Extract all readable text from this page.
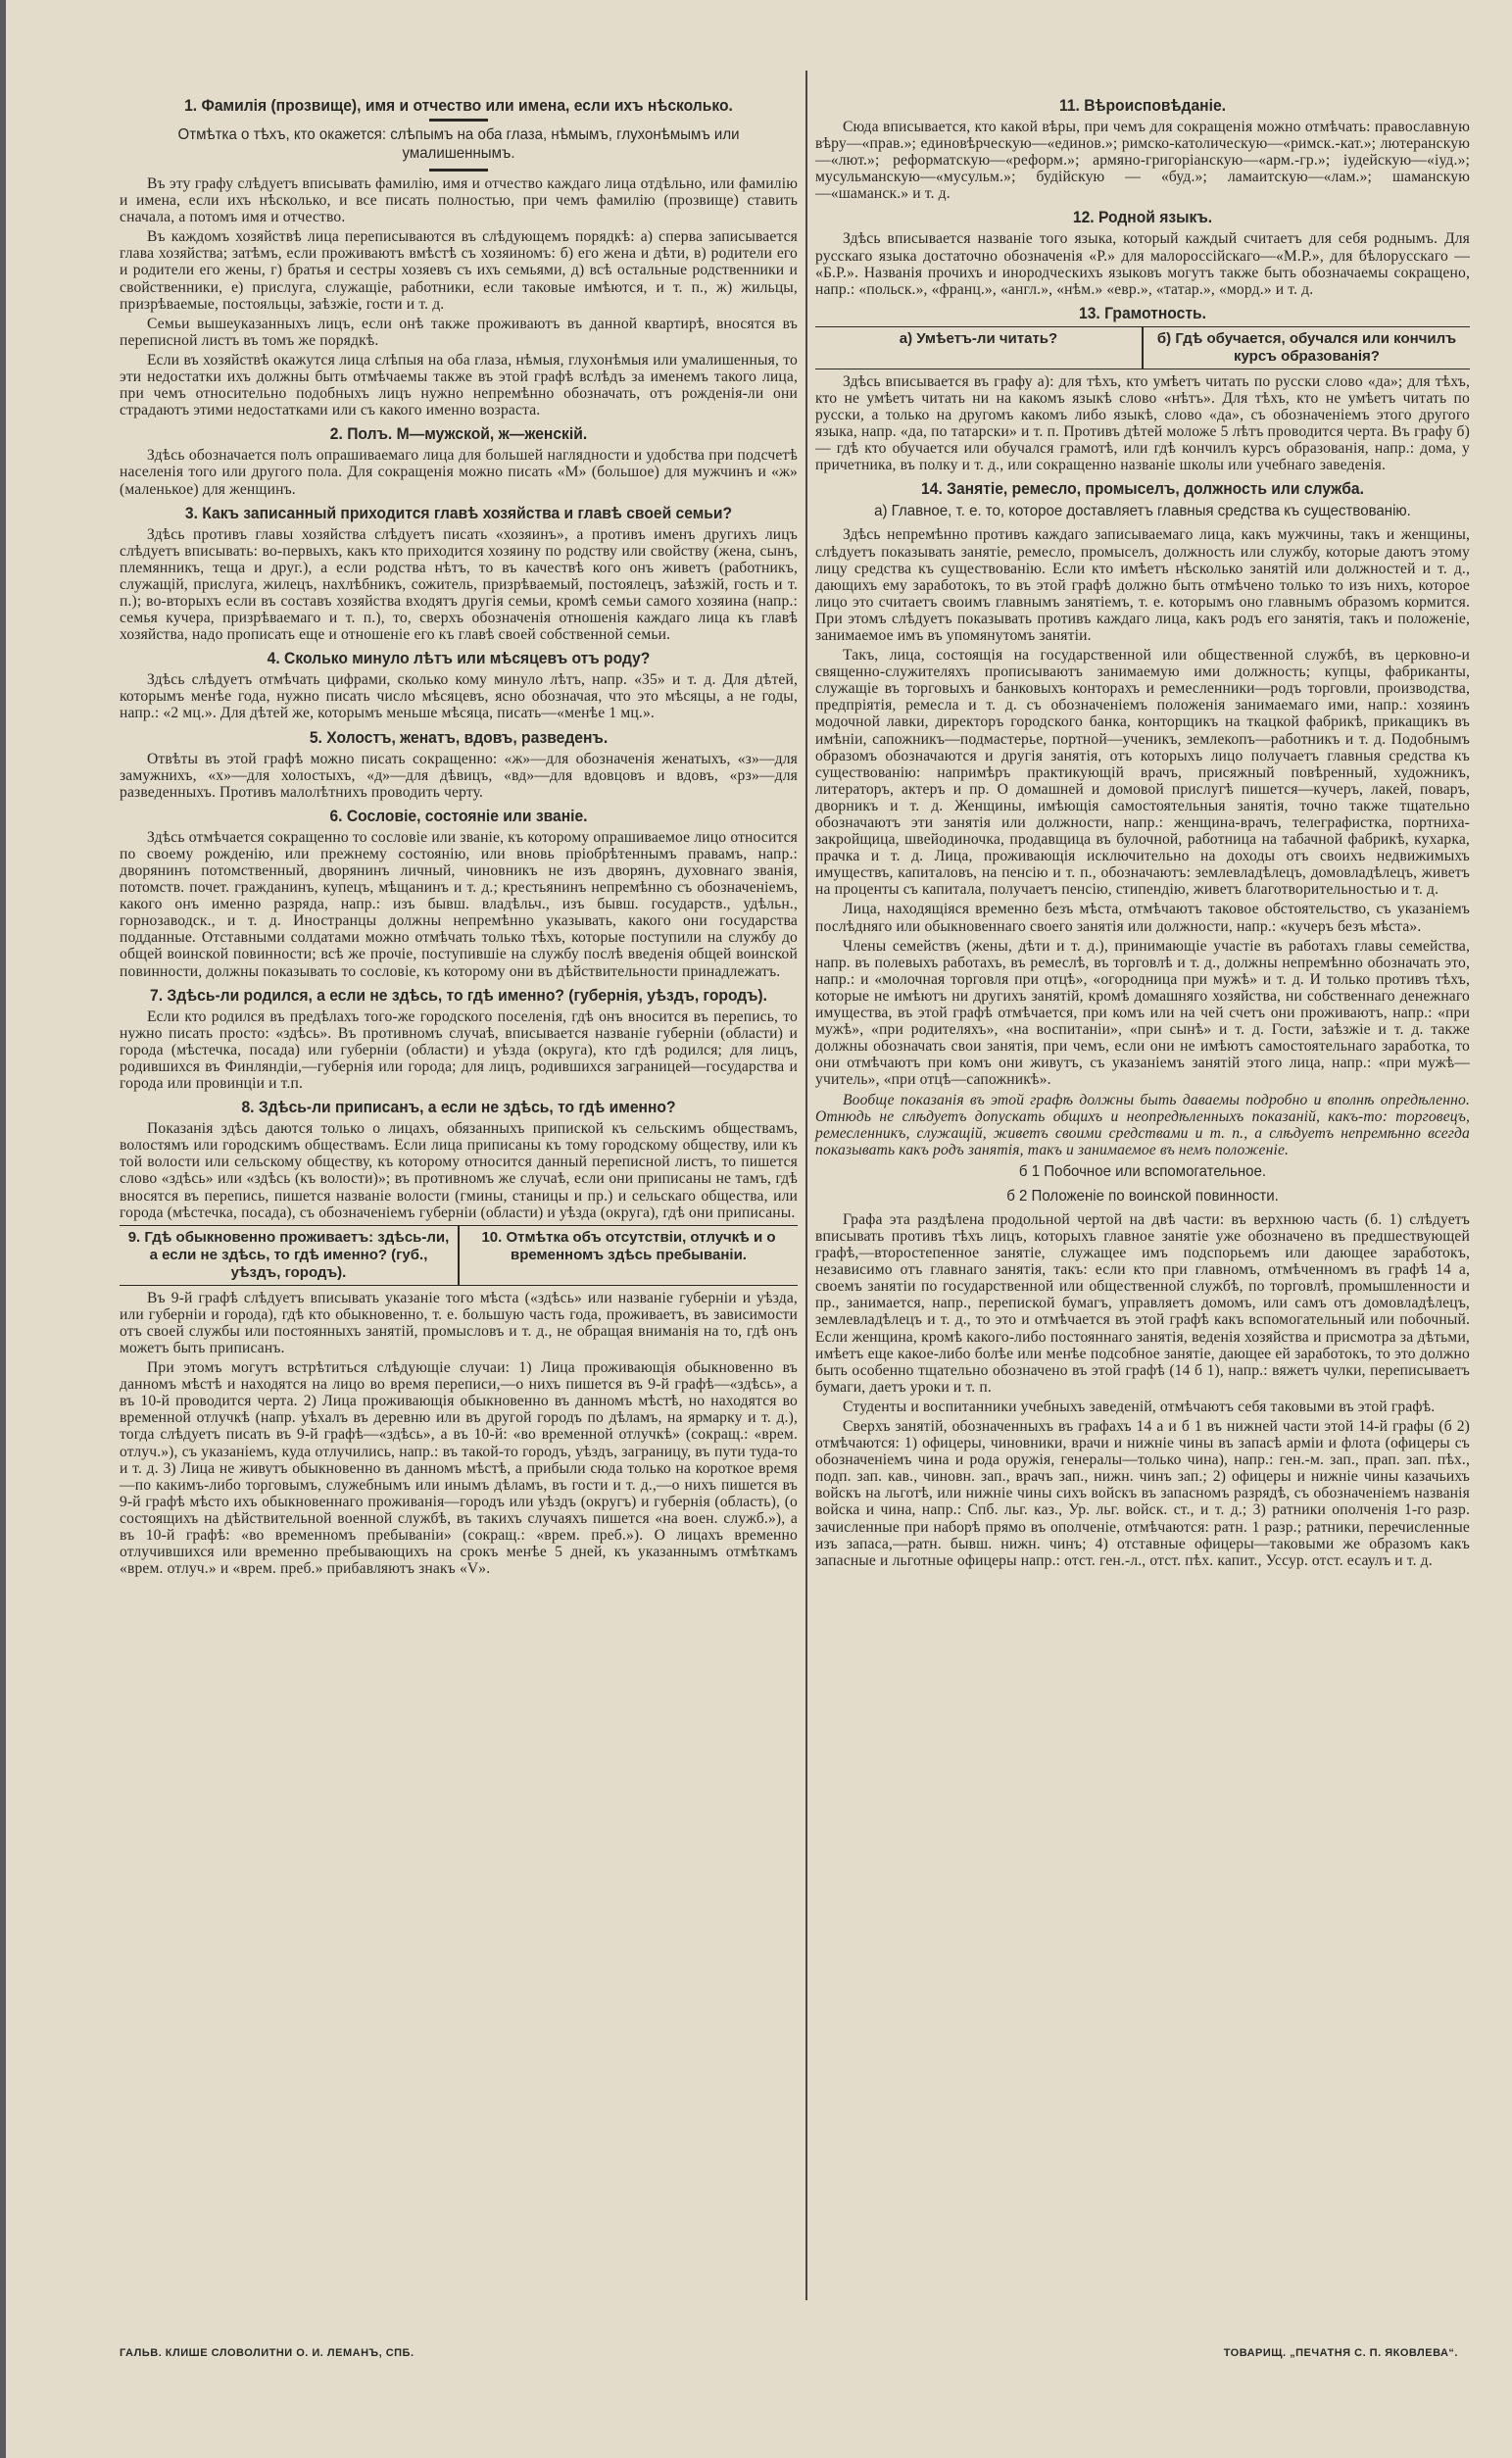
1. Фамилія (прозвище), имя и отчество или имена, если ихъ нѣсколько.
Отмѣтка о тѣхъ, кто окажется: слѣпымъ на оба глаза, нѣмымъ, глухонѣмымъ или умалишеннымъ.
Въ эту графу слѣдуетъ вписывать фамилію, имя и отчество каждаго лица отдѣльно, или фамилію и имена, если ихъ нѣсколько, и все писать полностью, при чемъ фамилію (прозвище) ставить сначала, а потомъ имя и отчество.
Въ каждомъ хозяйствѣ лица переписываются въ слѣдующемъ порядкѣ: а) сперва записывается глава хозяйства; затѣмъ, если проживаютъ вмѣстѣ съ хозяиномъ: б) его жена и дѣти, в) родители его и родители его жены, г) братья и сестры хозяевъ съ ихъ семьями, д) всѣ остальные родственники и свойственники, е) прислуга, служащіе, работники, если таковые имѣются, и т. п., ж) жильцы, призрѣваемые, постояльцы, заѣзжіе, гости и т. д.
Семьи вышеуказанныхъ лицъ, если онѣ также проживаютъ въ данной квартирѣ, вносятся въ переписной листъ въ томъ же порядкѣ.
Если въ хозяйствѣ окажутся лица слѣпыя на оба глаза, нѣмыя, глухонѣмыя или умалишенныя, то эти недостатки ихъ должны быть отмѣчаемы также въ этой графѣ вслѣдъ за именемъ такого лица, при чемъ относительно подобныхъ лицъ нужно непремѣнно обозначать, отъ рожденія-ли они страдаютъ этими недостатками или съ какого именно возраста.
2. Полъ. М—мужской, ж—женскій.
Здѣсь обозначается полъ опрашиваемаго лица для большей наглядности и удобства при подсчетѣ населенія того или другого пола. Для сокращенія можно писать «М» (большое) для мужчинъ и «ж» (маленькое) для женщинъ.
3. Какъ записанный приходится главѣ хозяйства и главѣ своей семьи?
Здѣсь противъ главы хозяйства слѣдуетъ писать «хозяинъ», а противъ именъ другихъ лицъ слѣдуетъ вписывать: во-первыхъ, какъ кто приходится хозяину по родству или свойству (жена, сынъ, племянникъ, теща и друг.), а если родства нѣтъ, то въ качествѣ кого онъ живетъ (работникъ, служащій, прислуга, жилецъ, нахлѣбникъ, сожитель, призрѣваемый, постоялецъ, заѣзжій, гость и т. п.); во-вторыхъ если въ составъ хозяйства входятъ другія семьи, кромѣ семьи самого хозяина (напр.: семья кучера, призрѣваемаго и т. п.), то, сверхъ обозначенія отношенія каждаго лица къ главѣ хозяйства, надо прописать еще и отношеніе его къ главѣ своей собственной семьи.
4. Сколько минуло лѣтъ или мѣсяцевъ отъ роду?
Здѣсь слѣдуетъ отмѣчать цифрами, сколько кому минуло лѣтъ, напр. «35» и т. д. Для дѣтей, которымъ менѣе года, нужно писать число мѣсяцевъ, ясно обозначая, что это мѣсяцы, а не годы, напр.: «2 мц.». Для дѣтей же, которымъ меньше мѣсяца, писать—«менѣе 1 мц.».
5. Холостъ, женатъ, вдовъ, разведенъ.
Отвѣты въ этой графѣ можно писать сокращенно: «ж»—для обозначенія женатыхъ, «з»—для замужнихъ, «х»—для холостыхъ, «д»—для дѣвицъ, «вд»—для вдовцовъ и вдовъ, «рз»—для разведенныхъ. Противъ малолѣтнихъ проводить черту.
6. Сословіе, состояніе или званіе.
Здѣсь отмѣчается сокращенно то сословіе или званіе, къ которому опрашиваемое лицо относится по своему рожденію, или прежнему состоянію, или вновь пріобрѣтеннымъ правамъ, напр.: дворянинъ потомственный, дворянинъ личный, чиновникъ не изъ дворянъ, духовнаго званія, потомств. почет. гражданинъ, купецъ, мѣщанинъ и т. д.; крестьянинъ непремѣнно съ обозначеніемъ, какого онъ именно разряда, напр.: изъ бывш. владѣльч., изъ бывш. государств., удѣльн., горнозаводск., и т. д. Иностранцы должны непремѣнно указывать, какого они государства подданные. Отставными солдатами можно отмѣчать только тѣхъ, которые поступили на службу до общей воинской повинности; всѣ же прочіе, поступившіе на службу послѣ введенія общей воинской повинности, должны показывать то сословіе, къ которому они въ дѣйствительности принадлежатъ.
7. Здѣсь-ли родился, а если не здѣсь, то гдѣ именно? (губернія, уѣздъ, городъ).
Если кто родился въ предѣлахъ того-же городского поселенія, гдѣ онъ вносится въ перепись, то нужно писать просто: «здѣсь». Въ противномъ случаѣ, вписывается названіе губерніи (области) и города (мѣстечка, посада) или губерніи (области) и уѣзда (округа), кто гдѣ родился; для лицъ, родившихся въ Финляндіи,—губернія или города; для лицъ, родившихся заграницей—государства и города или провинціи и т.п.
8. Здѣсь-ли приписанъ, а если не здѣсь, то гдѣ именно?
Показанія здѣсь даются только о лицахъ, обязанныхъ припиской къ сельскимъ обществамъ, волостямъ или городскимъ обществамъ. Если лица приписаны къ тому городскому обществу, или къ той волости или сельскому обществу, къ которому относится данный переписной листъ, то пишется слово «здѣсь» или «здѣсь (къ волости)»; въ противномъ же случаѣ, если они приписаны не тамъ, гдѣ вносятся въ перепись, пишется названіе волости (гмины, станицы и пр.) и сельскаго общества, или города (мѣстечка, посада), съ обозначеніемъ губерніи (области) и уѣзда (округа), гдѣ они приписаны.
9. Гдѣ обыкновенно проживаетъ: здѣсь-ли, а если не здѣсь, то гдѣ именно? (губ., уѣздъ, городъ).
10. Отмѣтка объ отсутствіи, отлучкѣ и о временномъ здѣсь пребываніи.
Въ 9-й графѣ слѣдуетъ вписывать указаніе того мѣста («здѣсь» или названіе губерніи и уѣзда, или губерніи и города), гдѣ кто обыкновенно, т. е. большую часть года, проживаетъ, въ зависимости отъ своей службы или постоянныхъ занятій, промысловъ и т. д., не обращая вниманія на то, гдѣ онъ можетъ быть приписанъ.
При этомъ могутъ встрѣтиться слѣдующіе случаи: 1) Лица проживающія обыкновенно въ данномъ мѣстѣ и находятся на лицо во время переписи,—о нихъ пишется въ 9-й графѣ—«здѣсь», а въ 10-й проводится черта. 2) Лица проживающія обыкновенно въ данномъ мѣстѣ, но находятся во временной отлучкѣ (напр. уѣхалъ въ деревню или въ другой городъ по дѣламъ, на ярмарку и т. д.), тогда слѣдуетъ писать въ 9-й графѣ—«здѣсь», а въ 10-й: «во временной отлучкѣ» (сокращ.: «врем. отлуч.»), съ указаніемъ, куда отлучились, напр.: въ такой-то городъ, уѣздъ, заграницу, въ пути туда-то и т. д. 3) Лица не живутъ обыкновенно въ данномъ мѣстѣ, а прибыли сюда только на короткое время—по какимъ-либо торговымъ, служебнымъ или инымъ дѣламъ, въ гости и т. д.,—о нихъ пишется въ 9-й графѣ мѣсто ихъ обыкновеннаго проживанія—городъ или уѣздъ (округъ) и губернія (область), (о состоящихъ на дѣйствительной военной службѣ, въ такихъ случаяхъ пишется «на воен. служб.»), а въ 10-й графѣ: «во временномъ пребываніи» (сокращ.: «врем. преб.»). О лицахъ временно отлучившихся или временно пребывающихъ на срокъ менѣе 5 дней, къ указаннымъ отмѣткамъ «врем. отлуч.» и «врем. преб.» прибавляютъ знакъ «V».
11. Вѣроисповѣданіе.
Сюда вписывается, кто какой вѣры, при чемъ для сокращенія можно отмѣчать: православную вѣру—«прав.»; единовѣрческую—«единов.»; римско-католическую—«римск.-кат.»; лютеранскую—«лют.»; реформатскую—«реформ.»; армяно-григоріанскую—«арм.-гр.»; іудейскую—«іуд.»; мусульманскую—«мусульм.»; будійскую — «буд.»; ламаитскую—«лам.»; шаманскую—«шаманск.» и т. д.
12. Родной языкъ.
Здѣсь вписывается названіе того языка, который каждый считаетъ для себя роднымъ. Для русскаго языка достаточно обозначенія «Р.» для малороссійскаго—«М.Р.», для бѣлорусскаго — «Б.Р.». Названія прочихъ и инородческихъ языковъ могутъ также быть обозначаемы сокращено, напр.: «польск.», «франц.», «англ.», «нѣм.» «евр.», «татар.», «морд.» и т. д.
13. Грамотность.
а) Умѣетъ-ли читать?	б) Гдѣ обучается, обучался или кончилъ курсъ образованія?
Здѣсь вписывается въ графу а): для тѣхъ, кто умѣетъ читать по русски слово «да»; для тѣхъ, кто не умѣетъ читать ни на какомъ языкѣ слово «нѣтъ». Для тѣхъ, кто не умѣетъ читать по русски, а только на другомъ какомъ либо языкѣ, слово «да», съ обозначеніемъ этого другого языка, напр. «да, по татарски» и т. п. Противъ дѣтей моложе 5 лѣтъ проводится черта. Въ графу б) — гдѣ кто обучается или обучался грамотѣ, или гдѣ кончилъ курсъ образованія, напр.: дома, у причетника, въ полку и т. д., или сокращенно названіе школы или учебнаго заведенія.
14. Занятіе, ремесло, промыселъ, должность или служба.
а) Главное, т. е. то, которое доставляетъ главныя средства къ существованію.
Здѣсь непремѣнно противъ каждаго записываемаго лица, какъ мужчины, такъ и женщины, слѣдуетъ показывать занятіе, ремесло, промыселъ, должность или службу, которые даютъ этому лицу средства къ существованію. Если кто имѣетъ нѣсколько занятій или должностей и т. д., дающихъ ему заработокъ, то въ этой графѣ должно быть отмѣчено только то изъ нихъ, которое лицо это считаетъ своимъ главнымъ занятіемъ, т. е. которымъ оно главнымъ образомъ кормится. При этомъ слѣдуетъ показывать противъ каждаго лица, какъ родъ его занятія, такъ и положеніе, занимаемое имъ въ упомянутомъ занятіи.
Такъ, лица, состоящія на государственной или общественной службѣ, въ церковно-и священно-служителяхъ прописываютъ занимаемую ими должность; купцы, фабриканты, служащіе въ торговыхъ и банковыхъ конторахъ и ремесленники—родъ торговли, производства, предпріятія, ремесла и т. д. съ обозначеніемъ положенія занимаемаго ими, напр.: хозяинъ модочной лавки, директоръ городского банка, конторщикъ на ткацкой фабрикѣ, прикащикъ въ имѣніи, сапожникъ—подмастерье, портной—ученикъ, землекопъ—работникъ и т. д. Подобнымъ образомъ обозначаются и другія занятія, отъ которыхъ лицо получаетъ главныя средства къ существованію: напримѣръ практикующій врачъ, присяжный повѣренный, художникъ, литераторъ, актеръ и пр. О домашней и домовой прислугѣ пишется—кучеръ, лакей, поваръ, дворникъ и т. д. Женщины, имѣющія самостоятельныя занятія, точно также тщательно обозначаютъ эти занятія или должности, напр.: женщина-врачъ, телеграфистка, портниха-закройщица, швейодиночка, продавщица въ булочной, работница на табачной фабрикѣ, кухарка, прачка и т. д. Лица, проживающія исключительно на доходы отъ своихъ недвижимыхъ имуществъ, капиталовъ, на пенсію и т. п., обозначаютъ: землевладѣлецъ, домовладѣлецъ, живетъ на проценты съ капитала, получаетъ пенсію, стипендію, живетъ благотворительностью и т. д.
Лица, находящіяся временно безъ мѣста, отмѣчаютъ таковое обстоятельство, съ указаніемъ послѣдняго или обыкновеннаго своего занятія или должности, напр.: «кучеръ безъ мѣста».
Члены семействъ (жены, дѣти и т. д.), принимающіе участіе въ работахъ главы семейства, напр. въ полевыхъ работахъ, въ ремеслѣ, въ торговлѣ и т. д., должны непремѣнно обозначать это, напр.: и «молочная торговля при отцѣ», «огородница при мужѣ» и т. д. И только противъ тѣхъ, которые не имѣютъ ни другихъ занятій, кромѣ домашняго хозяйства, ни собственнаго денежнаго имущества, въ этой графѣ отмѣчается, при комъ или на чей счетъ они проживаютъ, напр.: «при мужѣ», «при родителяхъ», «на воспитаніи», «при сынѣ» и т. д. Гости, заѣзжіе и т. д. также должны обозначать свои занятія, при чемъ, если они не имѣютъ самостоятельнаго заработка, то они отмѣчаютъ при комъ они живутъ, съ указаніемъ занятій этого лица, напр.: «при мужѣ—учитель», «при отцѣ—сапожникѣ».
Вообще показанія въ этой графѣ должны быть даваемы подробно и вполнѣ опредѣленно. Отнюдь не слѣдуетъ допускать общихъ и неопредѣленныхъ показаній, какъ-то: торговецъ, ремесленникъ, служащій, живетъ своими средствами и т. п., а слѣдуетъ непремѣнно всегда показывать какъ родъ занятія, такъ и занимаемое въ немъ положеніе.
б 1 Побочное или вспомогательное.
б 2 Положеніе по воинской повинности.
Графа эта раздѣлена продольной чертой на двѣ части: въ верхнюю часть (б. 1) слѣдуетъ вписывать противъ тѣхъ лицъ, которыхъ главное занятіе уже обозначено въ предшествующей графѣ,—второстепенное занятіе, служащее имъ подспорьемъ или дающее заработокъ, независимо отъ главнаго занятія, такъ: если кто при главномъ, отмѣченномъ въ графѣ 14 а, своемъ занятіи по государственной или общественной службѣ, по торговлѣ, промышленности и пр., занимается, напр., перепиской бумагъ, управляетъ домомъ, или самъ отъ домовладѣлецъ, землевладѣлецъ и т. д., то это и отмѣчается въ этой графѣ какъ вспомогательный или побочный. Если женщина, кромѣ какого-либо постояннаго занятія, веденія хозяйства и присмотра за дѣтьми, имѣетъ еще какое-либо болѣе или менѣе подсобное занятіе, дающее ей заработокъ, то это должно быть особенно тщательно обозначено въ этой графѣ (14 б 1), напр.: вяжетъ чулки, переписываетъ бумаги, даетъ уроки и т. п.
Студенты и воспитанники учебныхъ заведеній, отмѣчаютъ себя таковыми въ этой графѣ.
Сверхъ занятій, обозначенныхъ въ графахъ 14 а и б 1 въ нижней части этой 14-й графы (б 2) отмѣчаются: 1) офицеры, чиновники, врачи и нижніе чины въ запасѣ арміи и флота (офицеры съ обозначеніемъ чина и рода оружія, генералы—только чина), напр.: ген.-м. зап., прап. зап. пѣх., подп. зап. кав., чиновн. зап., врачъ зап., нижн. чинъ зап.; 2) офицеры и нижніе чины казачьихъ войскъ на льготѣ, или нижніе чины сихъ войскъ въ запасномъ разрядѣ, съ обозначеніемъ названія войска и чина, напр.: Спб. льг. каз., Ур. льг. войск. ст., и т. д.; 3) ратники ополченія 1-го разр. зачисленные при наборѣ прямо въ ополченіе, отмѣчаются: ратн. 1 разр.; ратники, перечисленные изъ запаса,—ратн. бывш. нижн. чинъ; 4) отставные офицеры—таковыми же образомъ какъ запасные и льготные офицеры напр.: отст. ген.-л., отст. пѣх. капит., Уссур. отст. есаулъ и т. д.
ГАЛЬВ. КЛИШЕ СЛОВОЛИТНИ О. И. ЛЕМАНЪ, СПБ.	ТОВАРИЩ. „ПЕЧАТНЯ С. П. ЯКОВЛЕВА“.
